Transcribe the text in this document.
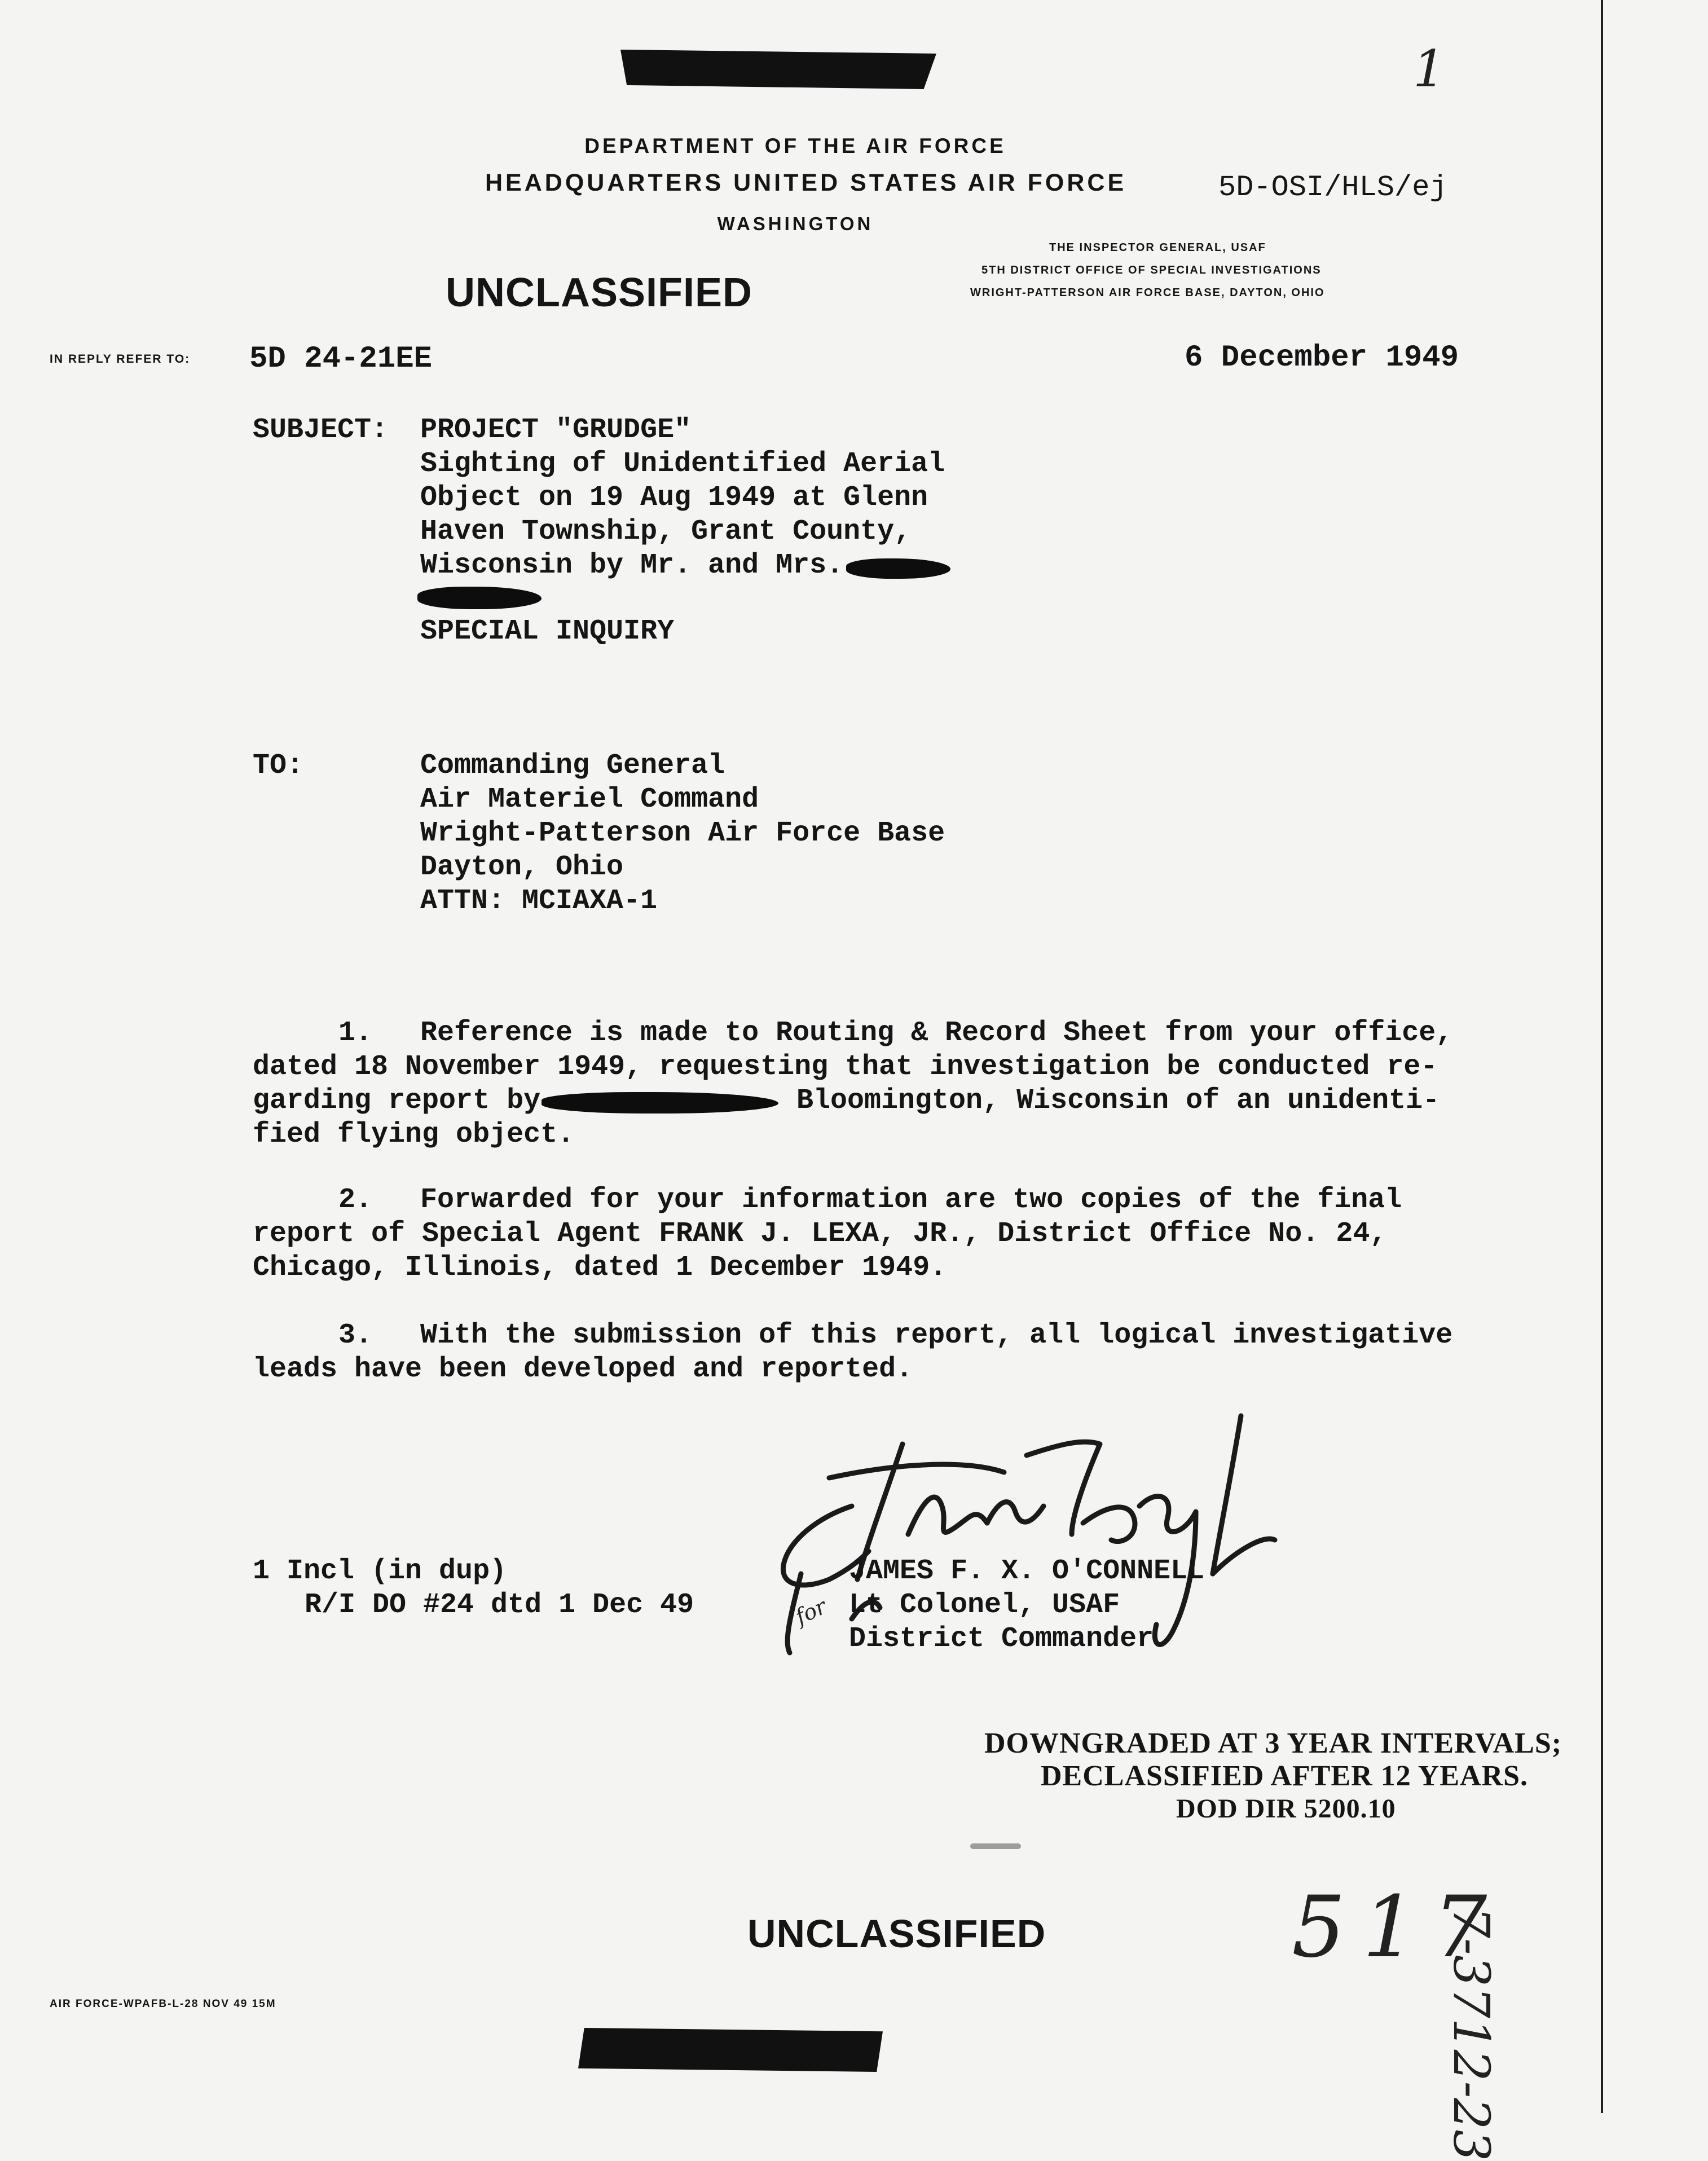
1
DEPARTMENT OF THE AIR FORCE
HEADQUARTERS UNITED STATES AIR FORCE
WASHINGTON
5D-OSI/HLS/ej
THE INSPECTOR GENERAL, USAF
5TH DISTRICT OFFICE OF SPECIAL INVESTIGATIONS
WRIGHT-PATTERSON AIR FORCE BASE, DAYTON, OHIO
UNCLASSIFIED
IN REPLY REFER TO: 5D 24-21EE	6 December 1949
SUBJECT: PROJECT "GRUDGE"
Sighting of Unidentified Aerial
Object on 19 Aug 1949 at Glenn
Haven Township, Grant County,
Wisconsin by Mr. and Mrs.
SPECIAL INQUIRY
TO:	Commanding General
Air Materiel Command
Wright-Patterson Air Force Base
Dayton, Ohio
ATTN: MCIAXA-1
1. Reference is made to Routing & Record Sheet from your office,
dated 18 November 1949, requesting that investigation be conducted re-
garding report by	Bloomington, Wisconsin of an unidenti-
fied flying object.
2. Forwarded for your information are two copies of the final
report of Special Agent FRANK J. LEXA, JR., District Office No. 24,
Chicago, Illinois, dated 1 December 1949.
3. With the submission of this report, all logical investigative
leads have been developed and reported.
for
1 Incl (in dup)
R/I DO #24 dtd 1 Dec 49
JAMES F. X. O'CONNELL
Lt Colonel, USAF
District Commander
DOWNGRADED AT 3 YEAR INTERVALS;
DECLASSIFIED AFTER 12 YEARS.
DOD DIR 5200.10
7-3712-23
517
UNCLASSIFIED
AIR FORCE-WPAFB-L-28 NOV 49 15M
